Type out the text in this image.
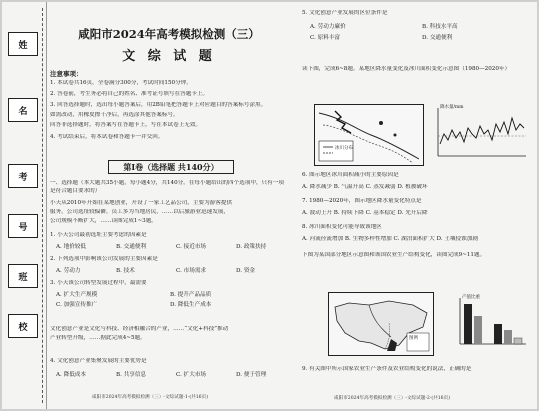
姓
名
考
号
班
校
咸阳市2024年高考模拟检测（三）
文 综 试 题
注意事项：
1. 本试卷共16页。全卷满分300分，考试时间150分钟。
2. 答卷前，考生务必将自己的姓名、准考证号填写在答题卡上。
3. 回答选择题时，选出每小题答案后，用2B铅笔把答题卡上对应题目的答案标号涂黑。
如需改动，用橡皮擦干净后，再选涂其他答案标号。
回答非选择题时，将答案写在答题卡上，写在本试卷上无效。
4. 考试结束后，将本试卷和答题卡一并交回。
第Ⅰ卷（选择题 共140分）
一、选择题（本大题共35小题，每小题4分，共140分。在每小题给出的四个选项中，只有一项
是符合题目要求的）
小天从2010年开始在某地创业，开设了一家工艺品公司，主要为游客提供
服务。公司选址较偏僻，员工多为当地居民，……以后旅游业迅速发展，
公司规模不断扩大，……读图完成1~3题。
1. 小天公司最初选址主要考虑的因素是
A. 地价较低	B. 交通便利	C. 接近市场	D. 政策扶持
2. 下列选项中影响该公司发展的主要因素是
A. 劳动力	B. 技术	C. 市场需求	D. 资金
3. 小天该公司转型发展过程中，最需要
A. 扩大生产规模	B. 提升产品品质
C. 加强宣传推广	D. 降低生产成本
文化创意产业是文化与科技、经济相融合的产业，……“文化+科技”推动
产业转型升级，……据此完成4~5题。
4. 文化创意产业集聚发展的主要优势是
A. 降低成本	B. 共享信息	C. 扩大市场	D. 便于管理
咸阳市2024年高考模拟检测（三）-文综试题-1-(共16页)
5. 文化创意产业发展的区位条件是
A. 劳动力廉价	B. 科技水平高
C. 原料丰富	D. 交通便利
读下图，完成6~8题。某地区降水量变化及冰川面积变化示意图（1980—2020年）
冰川分布
降水量/mm
6. 图示地区冰川面积减小的主要原因是
A. 降水减少 B. 气温升高 C. 蒸发减弱 D. 植被破坏
7. 1980—2020年，图示地区降水量变化特点是
A. 波动上升 B. 持续下降 C. 基本稳定 D. 先升后降
8. 冰川面积变化可能导致该地区
A. 河流径流增加 B. 生物多样性增加 C. 湖泊面积扩大 D. 土壤侵蚀加剧
下图为某国部分地区示意图和该国农业生产结构变化，读图完成9~11题。
图例
产值比重
9. 有关图中所示国家农业生产条件及农业结构变化的说法，正确的是
咸阳市2024年高考模拟检测（三）-文综试题-2-(共16页)
